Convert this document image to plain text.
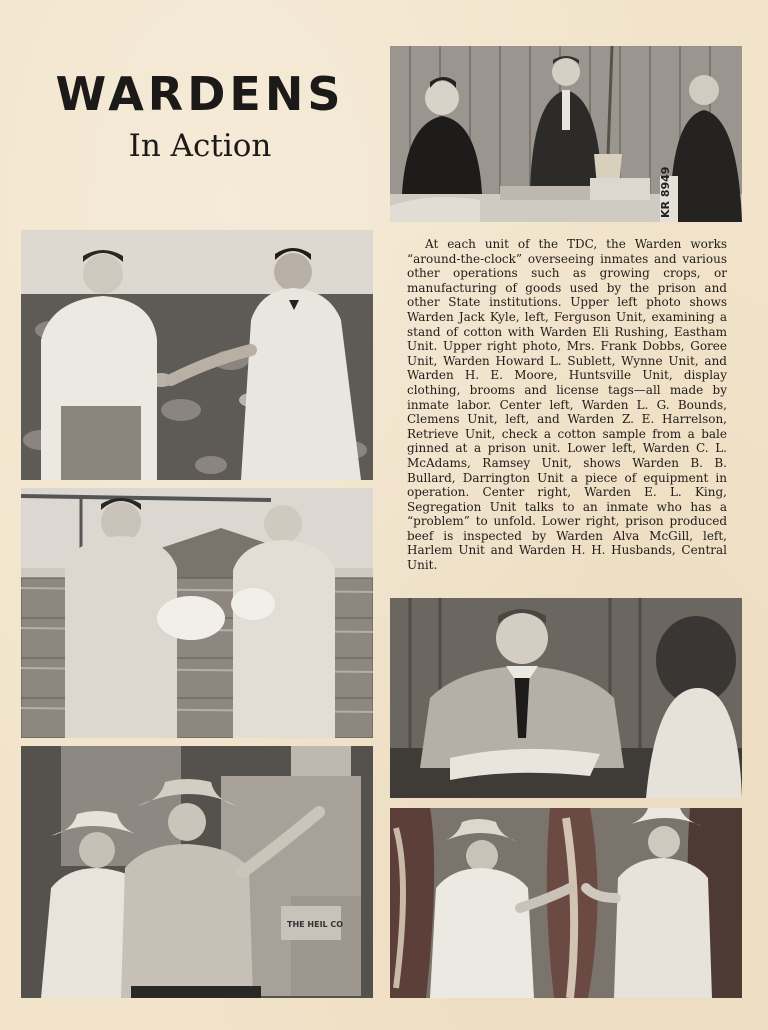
WARDENS
In Action
KR 8949
THE HEIL CO

At each unit of the TDC, the Warden works “around-the-clock” overseeing inmates and various other operations such as growing crops, or manufacturing of goods used by the prison and other State institutions. Upper left photo shows Warden Jack Kyle, left, Ferguson Unit, examining a stand of cotton with Warden Eli Rushing, Eastham Unit. Upper right photo, Mrs. Frank Dobbs, Goree Unit, Warden Howard L. Sublett, Wynne Unit, and Warden H. E. Moore, Huntsville Unit, display clothing, brooms and license tags—all made by inmate labor. Center left, Warden L. G. Bounds, Clemens Unit, left, and Warden Z. E. Harrelson, Retrieve Unit, check a cotton sample from a bale ginned at a prison unit. Lower left, Warden C. L. McAdams, Ramsey Unit, shows Warden B. B. Bullard, Darrington Unit a piece of equipment in operation. Center right, Warden E. L. King, Segregation Unit talks to an inmate who has a “problem” to unfold. Lower right, prison produced beef is inspected by Warden Alva McGill, left, Harlem Unit and Warden H. H. Husbands, Central Unit.
